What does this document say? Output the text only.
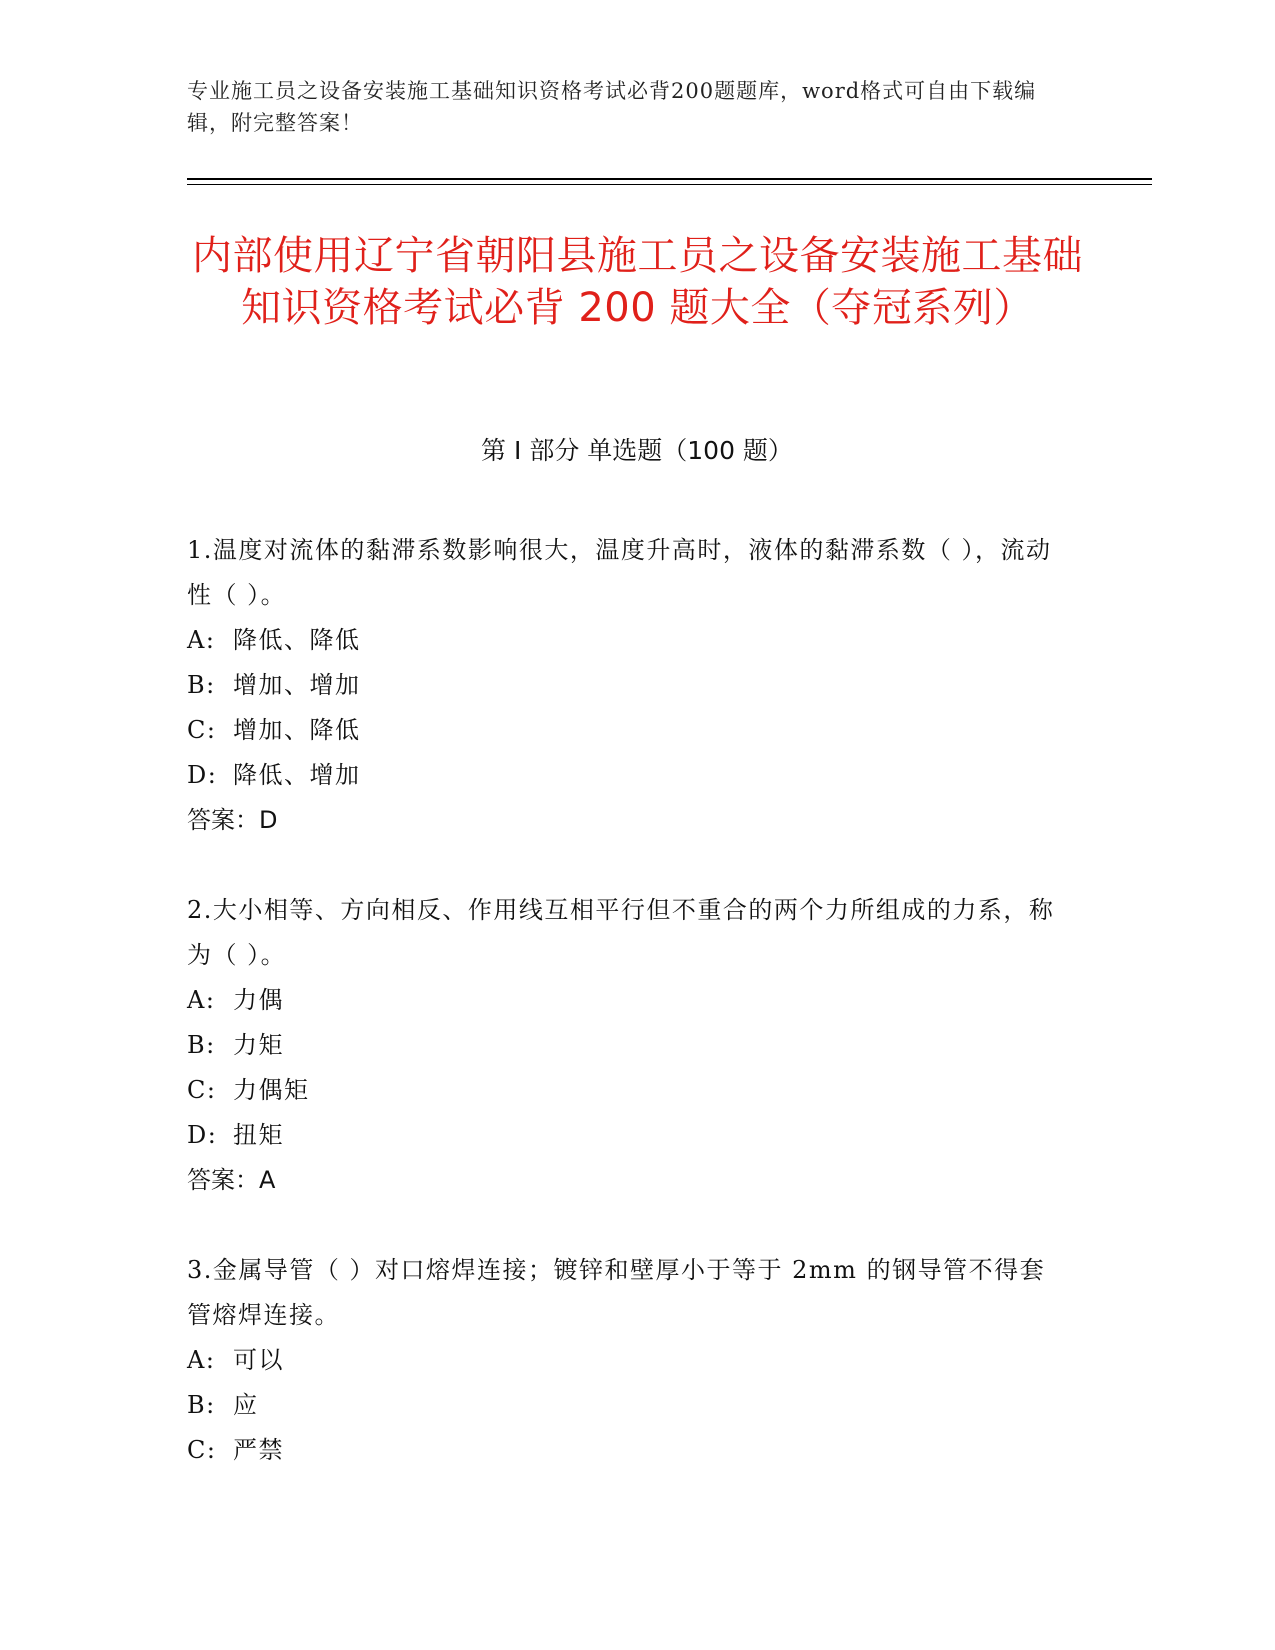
专业施工员之设备安装施工基础知识资格考试必背200题题库，word格式可自由下载编辑，附完整答案！
内部使用辽宁省朝阳县施工员之设备安装施工基础知识资格考试必背 200 题大全（夺冠系列）
第 I 部分 单选题（100 题）

1.温度对流体的黏滞系数影响很大，温度升高时，液体的黏滞系数（ ），流动性（ ）。

A: 降低、降低

B: 增加、增加

C: 增加、降低

D: 降低、增加

答案：D

2.大小相等、方向相反、作用线互相平行但不重合的两个力所组成的力系，称为（ ）。

A: 力偶

B: 力矩

C: 力偶矩

D: 扭矩

答案：A

3.金属导管（ ）对口熔焊连接；镀锌和壁厚小于等于 2mm 的钢导管不得套管熔焊连接。

A: 可以

B: 应

C: 严禁
